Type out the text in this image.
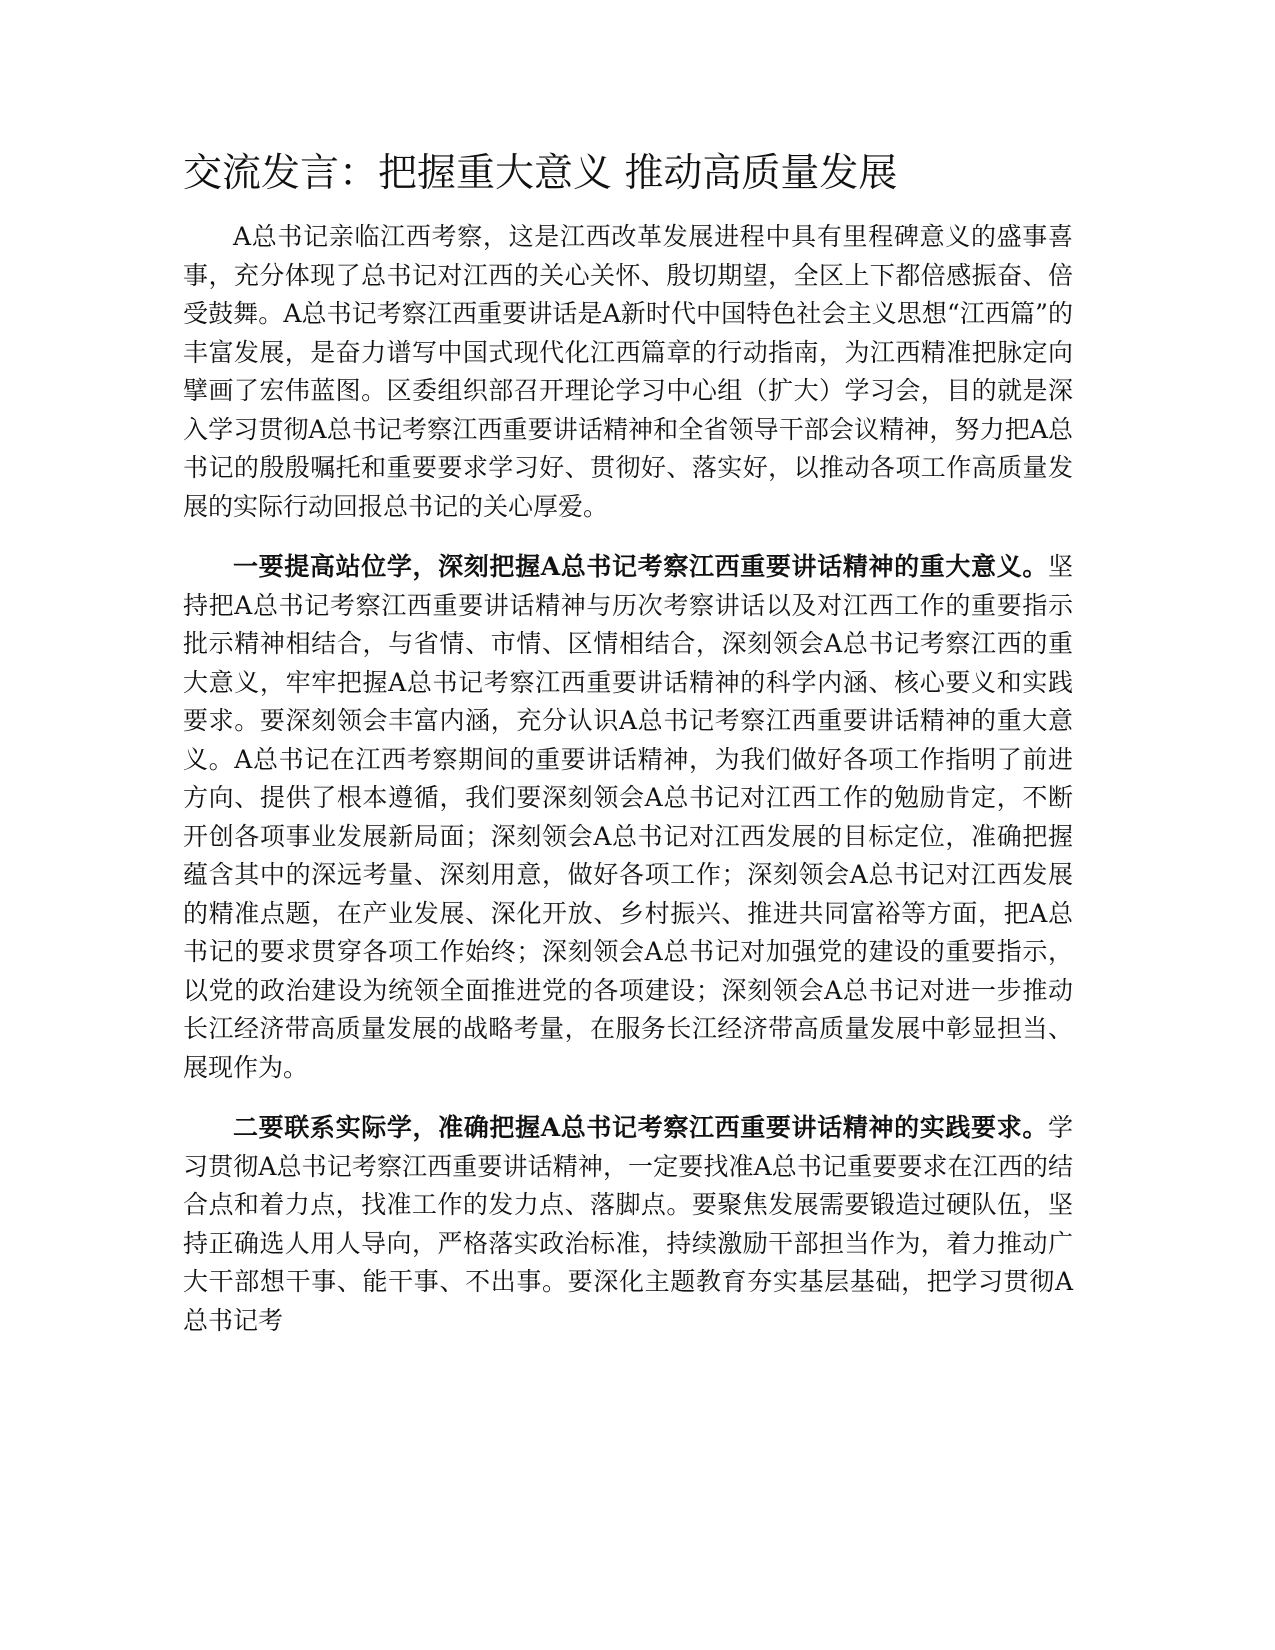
交流发言：把握重大意义 推动高质量发展

A总书记亲临江西考察，这是江西改革发展进程中具有里程碑意义的盛事喜事，充分体现了总书记对江西的关心关怀、殷切期望，全区上下都倍感振奋、倍受鼓舞。A总书记考察江西重要讲话是A新时代中国特色社会主义思想“江西篇”的丰富发展，是奋力谱写中国式现代化江西篇章的行动指南，为江西精准把脉定向擘画了宏伟蓝图。区委组织部召开理论学习中心组（扩大）学习会，目的就是深入学习贯彻A总书记考察江西重要讲话精神和全省领导干部会议精神，努力把A总书记的殷殷嘱托和重要要求学习好、贯彻好、落实好，以推动各项工作高质量发展的实际行动回报总书记的关心厚爱。

一要提高站位学，深刻把握A总书记考察江西重要讲话精神的重大意义。坚持把A总书记考察江西重要讲话精神与历次考察讲话以及对江西工作的重要指示批示精神相结合，与省情、市情、区情相结合，深刻领会A总书记考察江西的重大意义，牢牢把握A总书记考察江西重要讲话精神的科学内涵、核心要义和实践要求。要深刻领会丰富内涵，充分认识A总书记考察江西重要讲话精神的重大意义。A总书记在江西考察期间的重要讲话精神，为我们做好各项工作指明了前进方向、提供了根本遵循，我们要深刻领会A总书记对江西工作的勉励肯定，不断开创各项事业发展新局面；深刻领会A总书记对江西发展的目标定位，准确把握蕴含其中的深远考量、深刻用意，做好各项工作；深刻领会A总书记对江西发展的精准点题，在产业发展、深化开放、乡村振兴、推进共同富裕等方面，把A总书记的要求贯穿各项工作始终；深刻领会A总书记对加强党的建设的重要指示，以党的政治建设为统领全面推进党的各项建设；深刻领会A总书记对进一步推动长江经济带高质量发展的战略考量，在服务长江经济带高质量发展中彰显担当、展现作为。

二要联系实际学，准确把握A总书记考察江西重要讲话精神的实践要求。学习贯彻A总书记考察江西重要讲话精神，一定要找准A总书记重要要求在江西的结合点和着力点，找准工作的发力点、落脚点。要聚焦发展需要锻造过硬队伍，坚持正确选人用人导向，严格落实政治标准，持续激励干部担当作为，着力推动广大干部想干事、能干事、不出事。要深化主题教育夯实基层基础，把学习贯彻A总书记考
